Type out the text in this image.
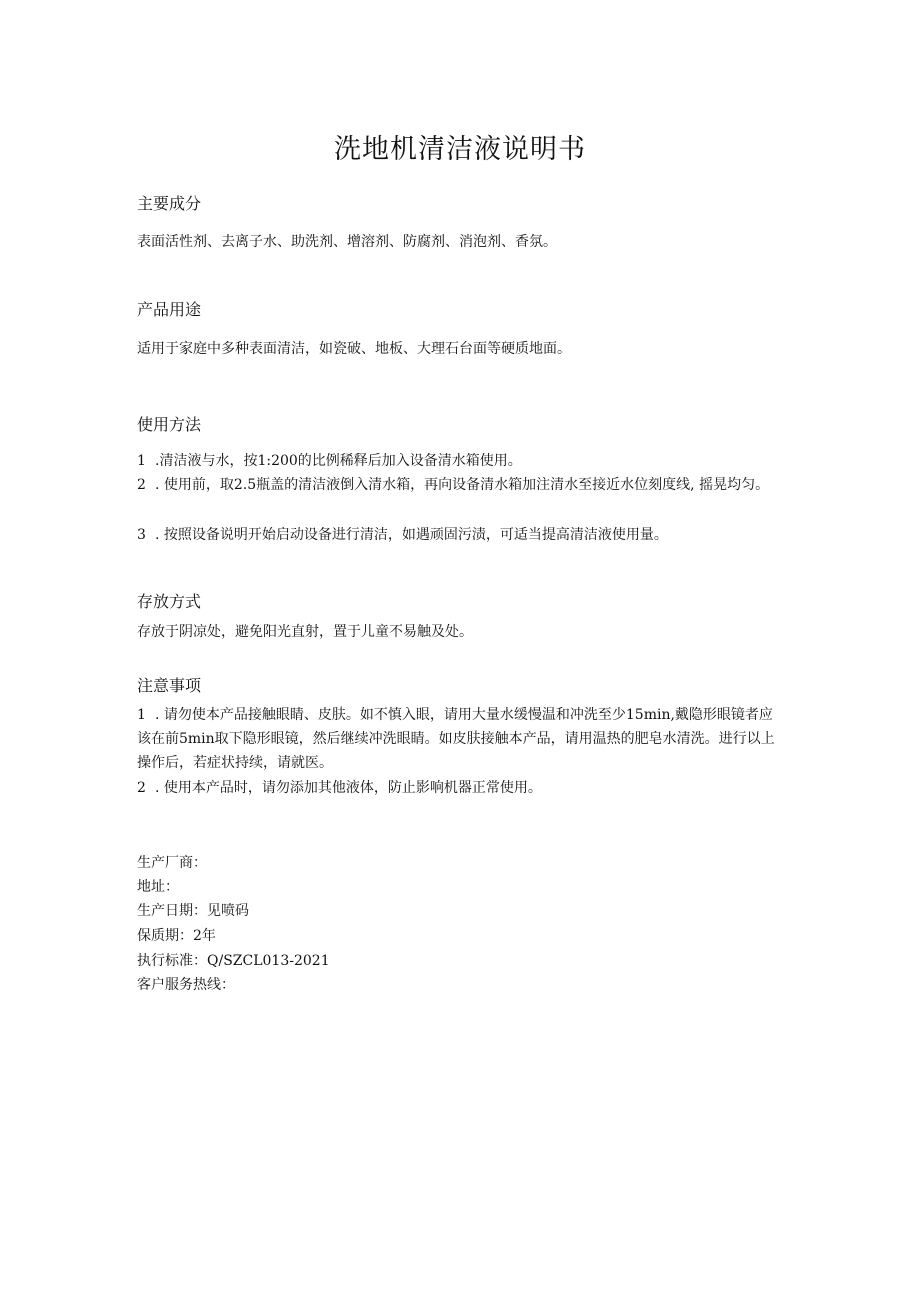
洗地机清洁液说明书
主要成分
表面活性剂、去离子水、助洗剂、增溶剂、防腐剂、消泡剂、香氛。
产品用途
适用于家庭中多种表面清洁，如瓷破、地板、大理石台面等硬质地面。
使用方法
1 .清洁液与水，按1:200的比例稀释后加入设备清水箱使用。
2 . 使用前，取2.5瓶盖的清洁液倒入清水箱，再向设备清水箱加注清水至接近水位刻度线, 摇晃均匀。
3 . 按照设备说明开始启动设备进行清洁，如遇顽固污渍，可适当提高清洁液使用量。
存放方式
存放于阴凉处，避免阳光直射，置于儿童不易触及处。
注意事项
1 . 请勿使本产品接触眼睛、皮肤。如不慎入眼，请用大量水缓慢温和冲洗至少15min,戴隐形眼镜者应该在前5min取下隐形眼镜，然后继续冲洗眼睛。如皮肤接触本产品，请用温热的肥皂水清洗。进行以上操作后，若症状持续，请就医。
2 . 使用本产品时，请勿添加其他液体，防止影响机器正常使用。
生产厂商：
地址：
生产日期：见喷码
保质期：2年
执行标准：Q/SZCL013-2021
客户服务热线：
